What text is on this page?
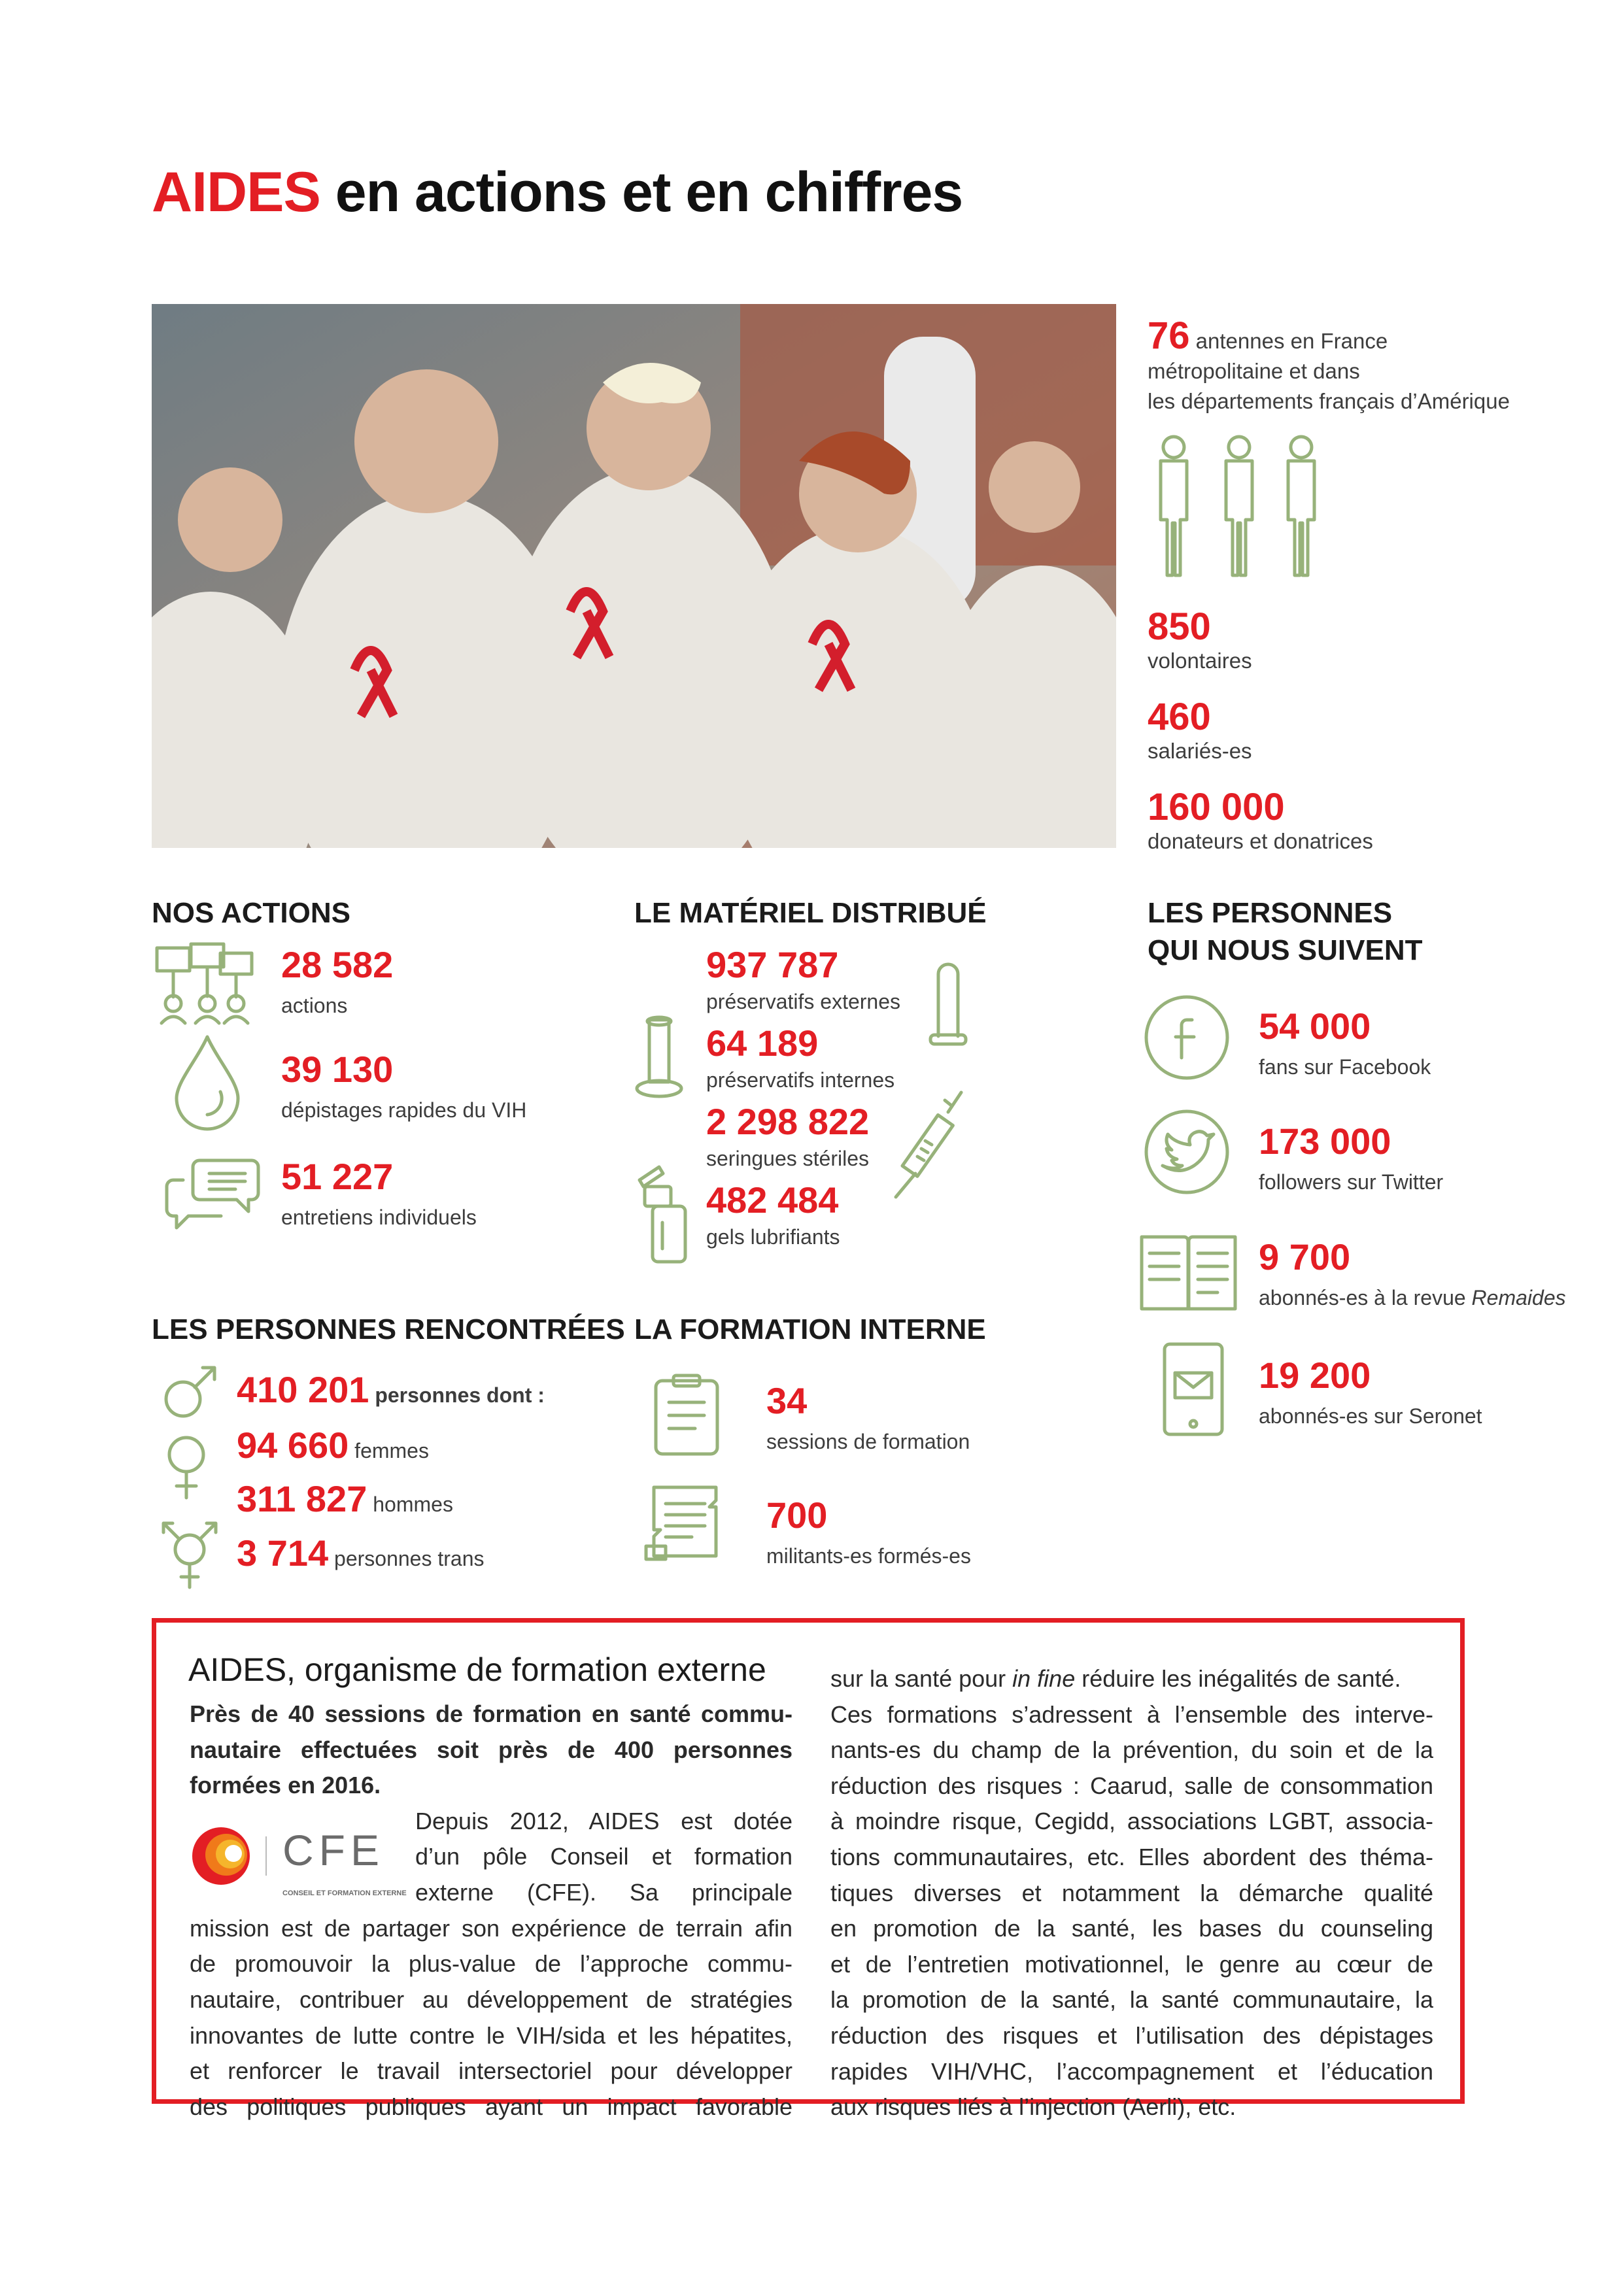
AIDES en actions et en chiffres
76 antennes en France
métropolitaine et dans
les départements français d’Amérique
850
volontaires
460
salariés-es
160 000
donateurs et donatrices
NOS ACTIONS
28 582
actions
39 130
dépistages rapides du VIH
51 227
entretiens individuels
LE MATÉRIEL DISTRIBUÉ
937 787
préservatifs externes
64 189
préservatifs internes
2 298 822
seringues stériles
482 484
gels lubrifiants
LES PERSONNES
QUI NOUS SUIVENT
54 000
fans sur Facebook
173 000
followers sur Twitter
9 700
abonnés-es à la revue Remaides
19 200
abonnés-es sur Seronet
LES PERSONNES RENCONTRÉES
410 201 personnes dont :
94 660 femmes
311 827 hommes
3 714 personnes trans
LA FORMATION INTERNE
34
sessions de formation
700
militants-es formés-es
AIDES, organisme de formation externe

Près de 40 sessions de formation en santé commu-

nautaire effectuées soit près de 400 personnes

formées en 2016.

CFE
CONSEIL ET FORMATION EXTERNE

Depuis 2012, AIDES est dotée

d’un pôle Conseil et formation

externe (CFE). Sa principale

mission est de partager son expérience de terrain afin

de promouvoir la plus-value de l’approche commu-

nautaire, contribuer au développement de stratégies

innovantes de lutte contre le VIH/sida et les hépatites,

et renforcer le travail intersectoriel pour développer

des politiques publiques ayant un impact favorable

sur la santé pour in fine réduire les inégalités de santé.

Ces formations s’adressent à l’ensemble des interve-

nants-es du champ de la prévention, du soin et de la

réduction des risques : Caarud, salle de consommation

à moindre risque, Cegidd, associations LGBT, associa-

tions communautaires, etc. Elles abordent des théma-

tiques diverses et notamment la démarche qualité

en promotion de la santé, les bases du counseling

et de l’entretien motivationnel, le genre au cœur de

la promotion de la santé, la santé communautaire, la

réduction des risques et l’utilisation des dépistages

rapides VIH/VHC, l’accompagnement et l’éducation

aux risques liés à l’injection (Aerli), etc.
